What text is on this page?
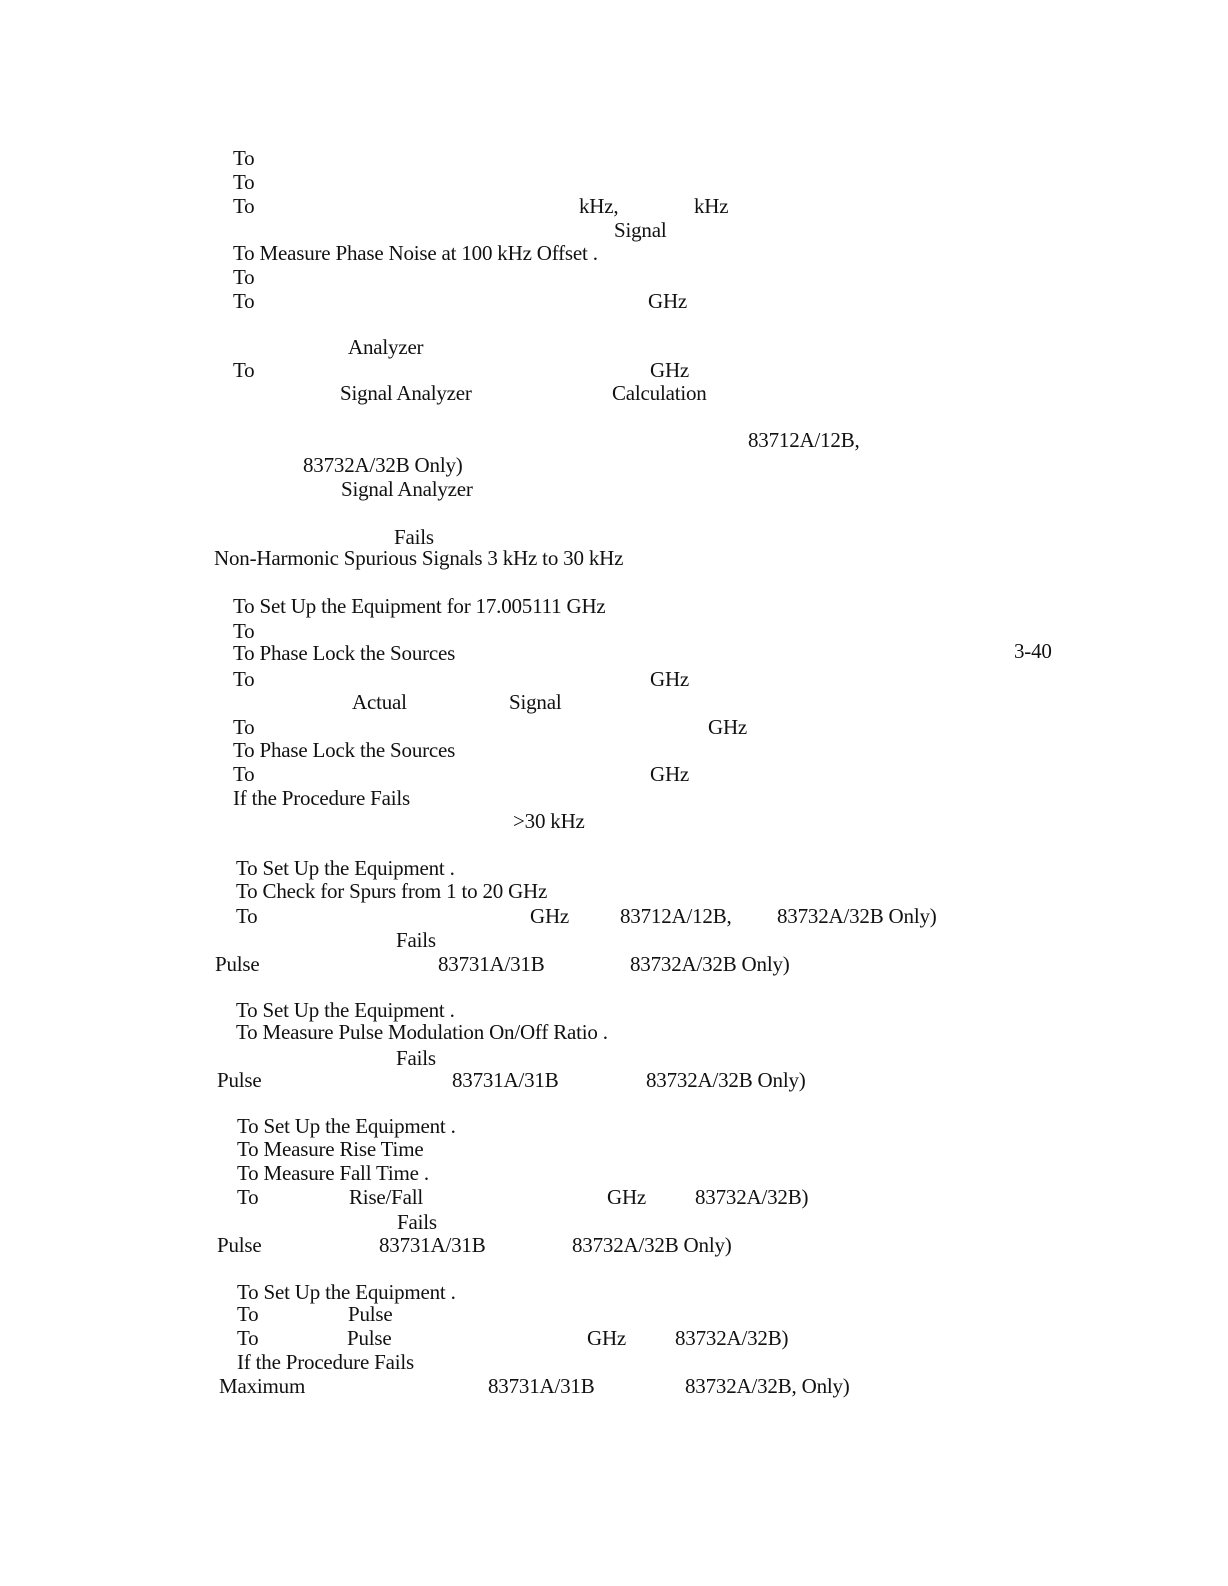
To
To
To	kHz,	kHz
Signal
To Measure Phase Noise at 100 kHz Offset .
To
To	GHz
Analyzer
To	GHz
Signal Analyzer	Calculation
83712A/12B,
83732A/32B Only)
Signal Analyzer
Fails
Non-Harmonic Spurious Signals 3 kHz to 30 kHz
To Set Up the Equipment for 17.005111 GHz
To
To Phase Lock the Sources	3-40
To	GHz
Actual	Signal
To	GHz
To Phase Lock the Sources
To	GHz
If the Procedure Fails
>30 kHz
To Set Up the Equipment .
To Check for Spurs from 1 to 20 GHz
To	GHz 83712A/12B, 83732A/32B Only)
Fails
Pulse	83731A/31B	83732A/32B Only)
To Set Up the Equipment .
To Measure Pulse Modulation On/Off Ratio .
Fails
Pulse	83731A/31B	83732A/32B Only)
To Set Up the Equipment .
To Measure Rise Time
To Measure Fall Time .
To	Rise/Fall	GHz 83732A/32B)
Fails
Pulse	83731A/31B	83732A/32B Only)
To Set Up the Equipment .
To	Pulse
To	Pulse	GHz 83732A/32B)
If the Procedure Fails
Maximum	83731A/31B	83732A/32B, Only)
